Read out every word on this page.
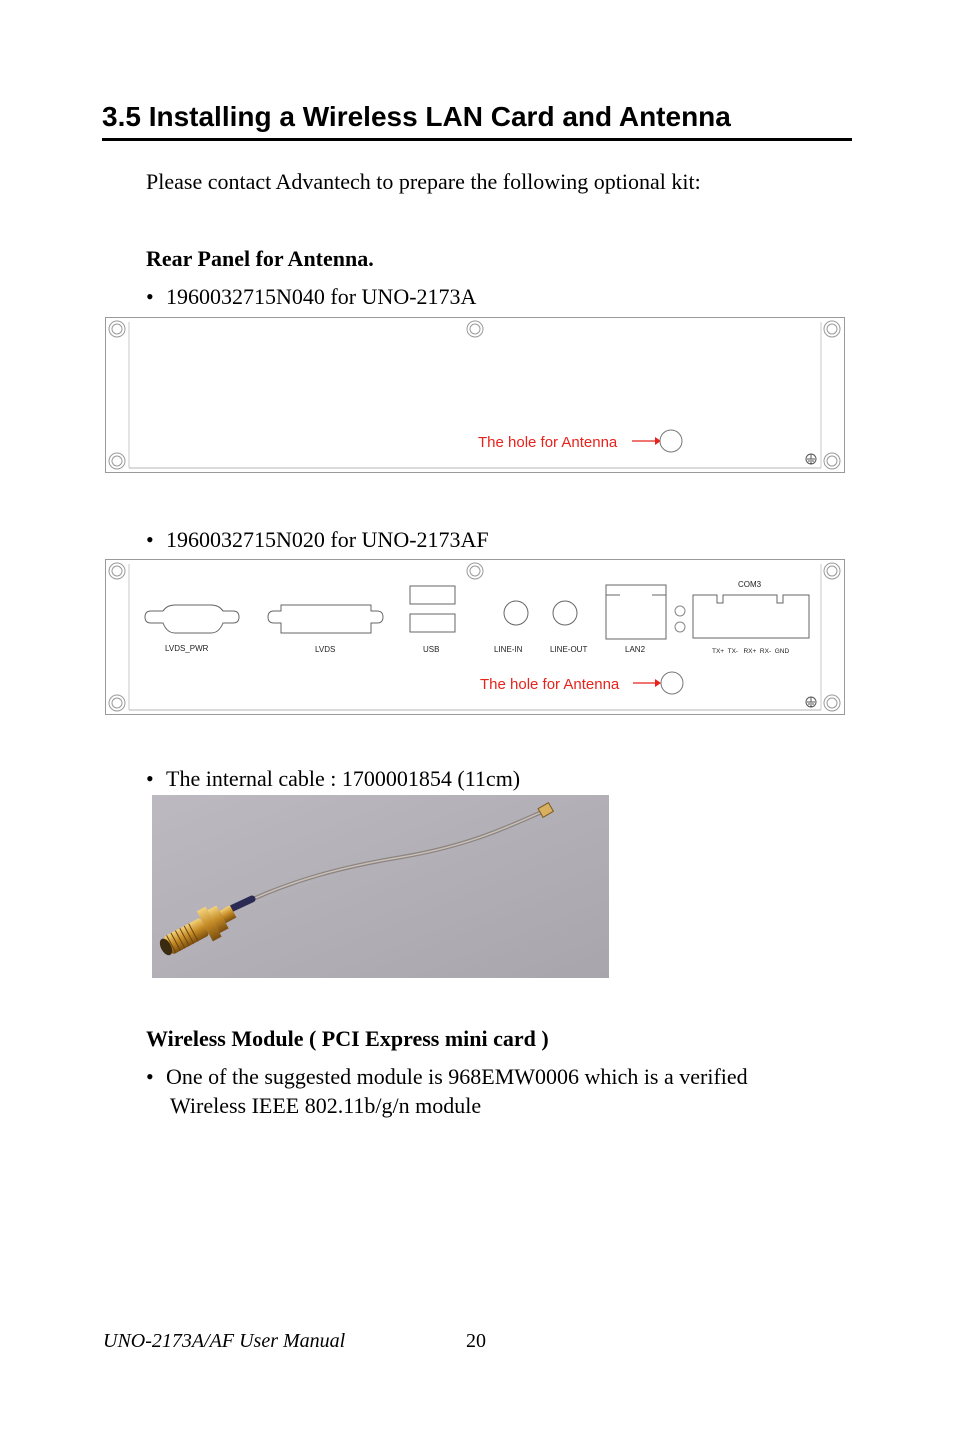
3.5 Installing a Wireless LAN Card and Antenna
Please contact Advantech to prepare the following optional kit:
Rear Panel for Antenna.
• 1960032715N040 for UNO-2173A
The hole for Antenna
• 1960032715N020 for UNO-2173AF
LVDS_PWR	LVDS	USB	LINE-IN	LINE-OUT	LAN2
COM3
TX+  TX-   RX+  RX-  GND
The hole for Antenna
• The internal cable : 1700001854 (11cm)
Wireless Module ( PCI Express mini card )
• One of the suggested module is 968EMW0006 which is a verified
Wireless IEEE 802.11b/g/n module
UNO-2173A/AF User Manual	20
